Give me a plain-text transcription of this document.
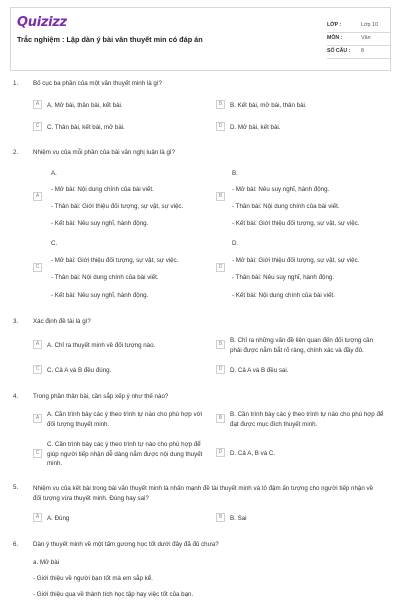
Quizizz
Trắc nghiệm : Lập dàn ý bài văn thuyết min có đáp án
LỚP :	Lớp 10
MÔN :	Văn
SỐ CÂU :	8
1. Bố cục ba phần của một văn thuyết minh là gì?
A	A. Mở bài, thân bài, kết bài.	B	B. Kết bài, mở bài, thân bài.
C	C. Thân bài, kết bài, mở bài.	D	D. Mở bài, kết bài.
2. Nhiệm vụ của mỗi phần của bài văn nghị luận là gì?
A
A.
- Mở bài: Nội dung chính của bài viết.
- Thân bài: Giới thiệu đối tượng, sự vật, sự việc.
- Kết bài: Nêu suy nghĩ, hành động.
B
B.
- Mở bài: Nêu suy nghĩ, hành động.
- Thân bài: Nội dung chính của bài viết.
- Kết bài: Giới thiệu đối tượng, sự vật, sự việc.
C
C.
- Mở bài: Giới thiệu đối tượng, sự vật, sự việc.
- Thân bài: Nội dung chính của bài viết.
- Kết bài: Nêu suy nghĩ, hành động.
D
D.
- Mở bài: Giới thiệu đối tượng, sự vật, sự việc.
- Thân bài: Nêu suy nghĩ, hành động.
- Kết bài: Nội dung chính của bài viết.
3. Xác định đề tài là gì?
A	A. Chỉ ra thuyết minh về đối tượng nào.	B
B. Chỉ ra những vấn đề liên quan đến đối tượng cần phải được nắm bắt rõ ràng, chính xác và đầy đủ.
C	C. Cả A và B đều đúng.	D	D. Cả A và B đều sai.
4. Trong phần thân bài, cần sắp xếp ý như thế nào?
A
A. Cần trình bày các ý theo trình tự nào cho phù hợp với đối tượng thuyết minh.
B
B. Cần trình bày các ý theo trình tự nào cho phù hợp để đạt được mục đích thuyết minh.
C
C. Cần trình bày các ý theo trình tự nào cho phù hợp để giúp người tiếp nhận dễ dàng nắm được nội dung thuyết minh.
D	D. Cả A, B và C.
5. Nhiệm vụ của kết bài trong bài văn thuyết minh là nhấn mạnh đề tài thuyết minh và tô đậm ấn tượng cho người tiếp nhận về đối tượng vừa thuyết minh. Đúng hay sai?
A	A. Đúng	B	B. Sai
6. Dàn ý thuyết minh về một tấm gương học tốt dưới đây đã đủ chưa?
a. Mở bài
- Giới thiệu về người bạn tốt mà em sắp kể.
- Giới thiệu qua về thành tích học tập hay việc tốt của bạn.
